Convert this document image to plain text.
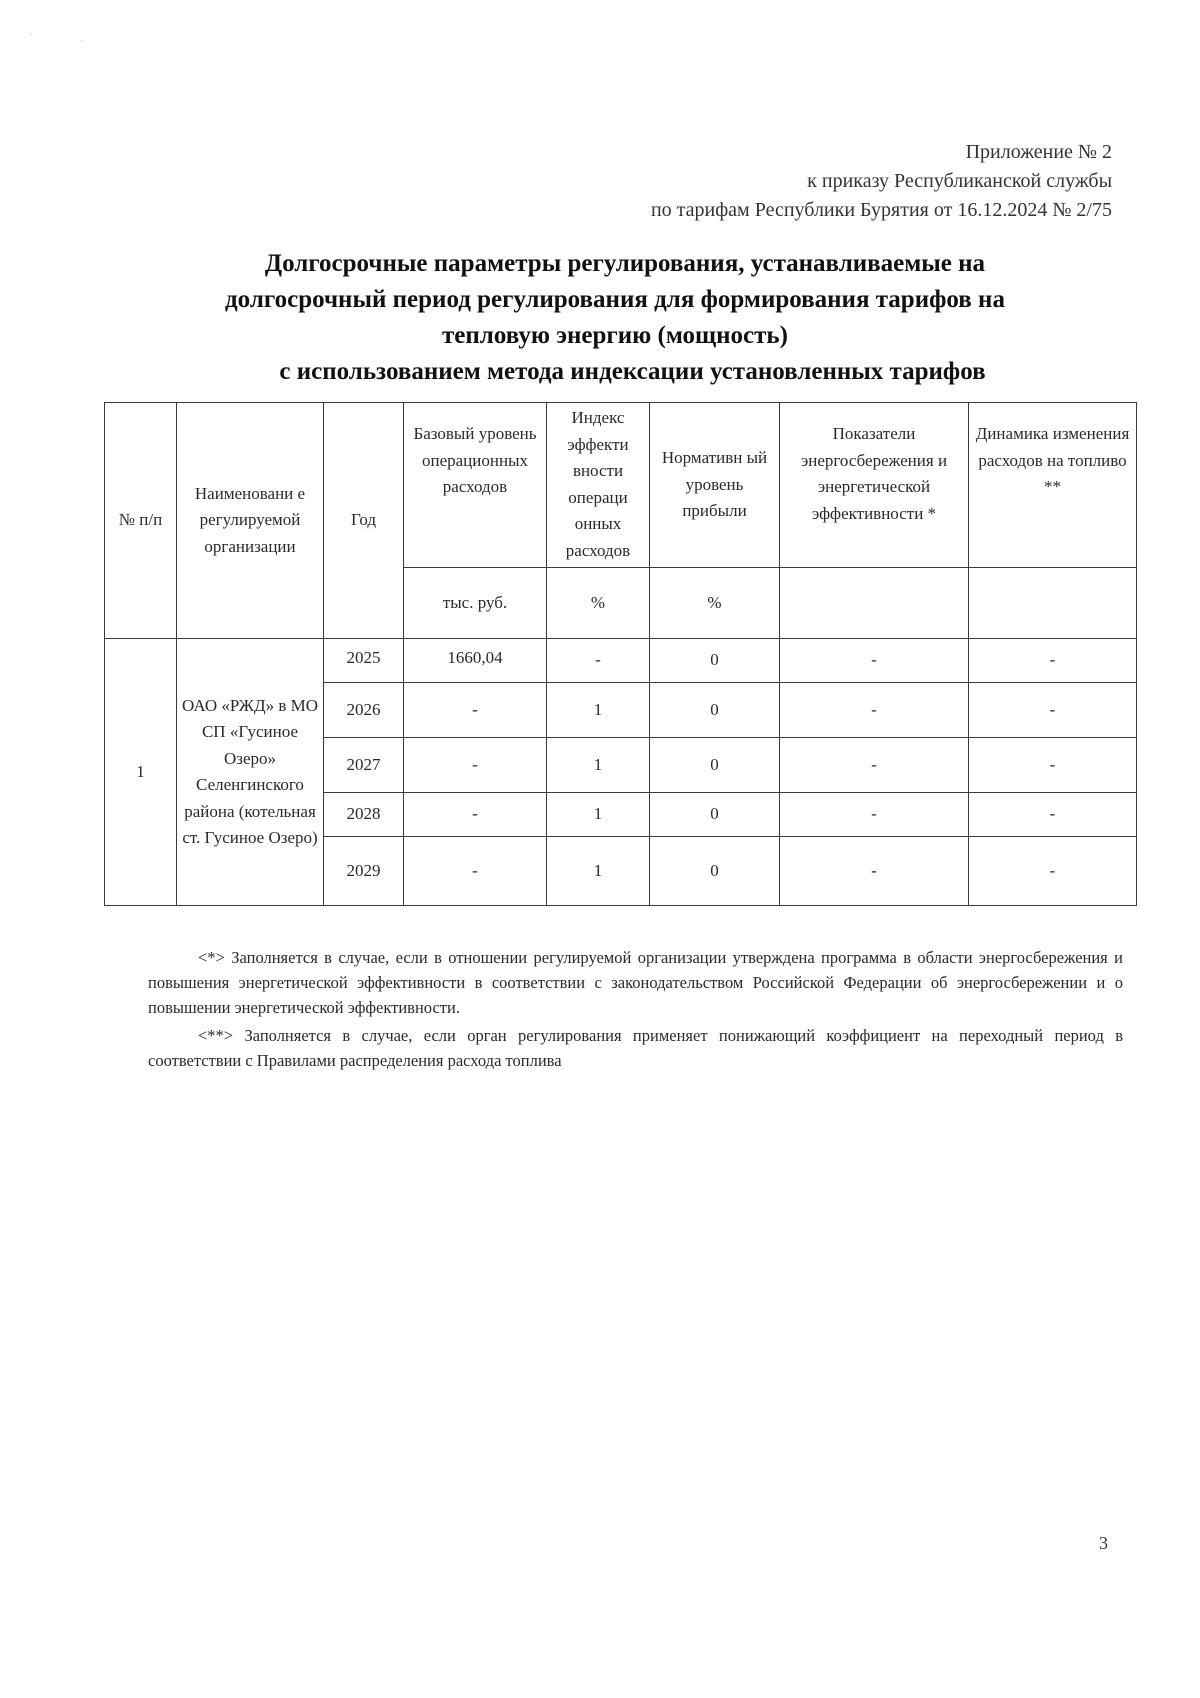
·
·
Приложение № 2
к приказу Республиканской службы
по тарифам Республики Бурятия от 16.12.2024 № 2/75
Долгосрочные параметры регулирования, устанавливаемые на
долгосрочный период регулирования для формирования тарифов на
тепловую энергию (мощность)
с использованием метода индексации установленных тарифов
№ п/п	Наименовани е регулируемой организации	Год	Базовый уровень операционных расходов	Индекс эффекти вности операци онных расходов	Нормативн ый уровень прибыли	Показатели энергосбережения и энергетической эффективности *	Динамика изменения расходов на топливо **
			тыс. руб.	%	%		
1	ОАО «РЖД» в МО СП «Гусиное Озеро» Селенгинского района (котельная ст. Гусиное Озеро)	2025	1660,04	-	0	-	-
		2026	-	1	0	-	-
		2027	-	1	0	-	-
		2028	-	1	0	-	-
		2029	-	1	0	-	-

<*> Заполняется в случае, если в отношении регулируемой организации утверждена программа в области энергосбережения и повышения энергетической эффективности в соответствии с законодательством Российской Федерации об энергосбережении и о повышении энергетической эффективности.

<**> Заполняется в случае, если орган регулирования применяет понижающий коэффициент на переходный период в соответствии с Правилами распределения расхода топлива

3
